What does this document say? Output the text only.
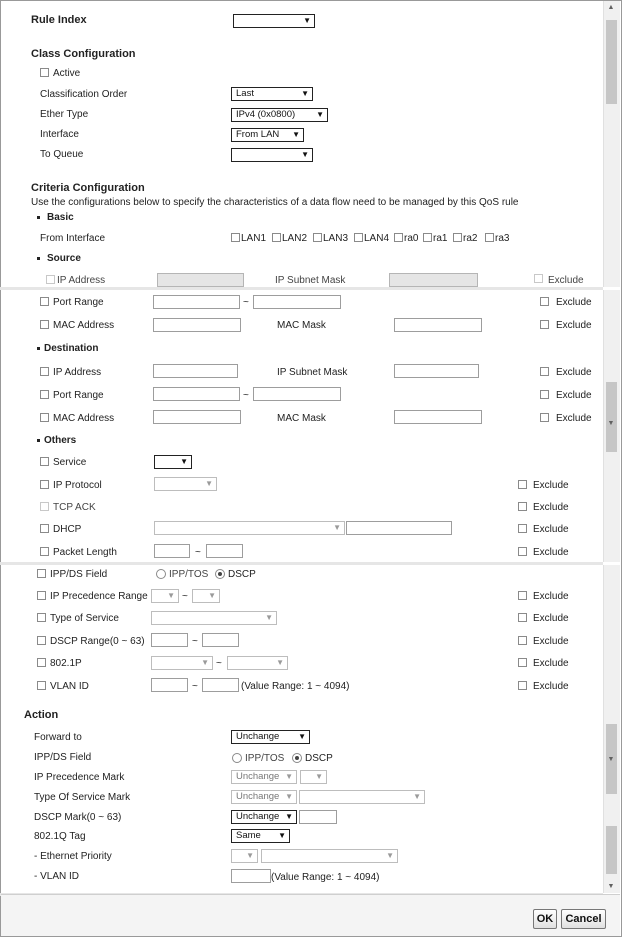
Rule Index	▼
Class Configuration
Active
Classification Order	Last	▼
Ether Type	IPv4 (0x0800)	▼
Interface	From LAN ▼
To Queue	▼
Criteria Configuration
Use the configurations below to specify the characteristics of a data flow need to be managed by this QoS rule
Basic
From Interface	LAN1 LAN2 LAN3 LAN4 ra0 ra1 ra2 ra3
Source
IP Address	IP Subnet Mask	Exclude
Port Range	~	Exclude
MAC Address	MAC Mask	Exclude
Destination
IP Address	IP Subnet Mask	Exclude
Port Range	~	Exclude
MAC Address	MAC Mask	Exclude
Others
Service	▼
IP Protocol	▼	Exclude
TCP ACK	Exclude
DHCP	▼	Exclude
Packet Length	~	Exclude
IPP/DS Field	IPP/TOS DSCP
IP Precedence Range ▼ ~	▼	Exclude
Type of Service	▼	Exclude
DSCP Range(0 ~ 63)	~	Exclude
802.1P	▼ ~	▼	Exclude
VLAN ID	~	(Value Range: 1 ~ 4094)	Exclude
Action
Forward to	Unchange ▼
IPP/DS Field	IPP/TOS DSCP
IP Precedence Mark	Unchange ▼	▼
Type Of Service Mark	Unchange ▼	▼
DSCP Mark(0 ~ 63)	Unchange ▼
802.1Q Tag	Same ▼
- Ethernet Priority	▼	▼
- VLAN ID	(Value Range: 1 ~ 4094)
▲
▼
▼
▼
OK	Cancel
